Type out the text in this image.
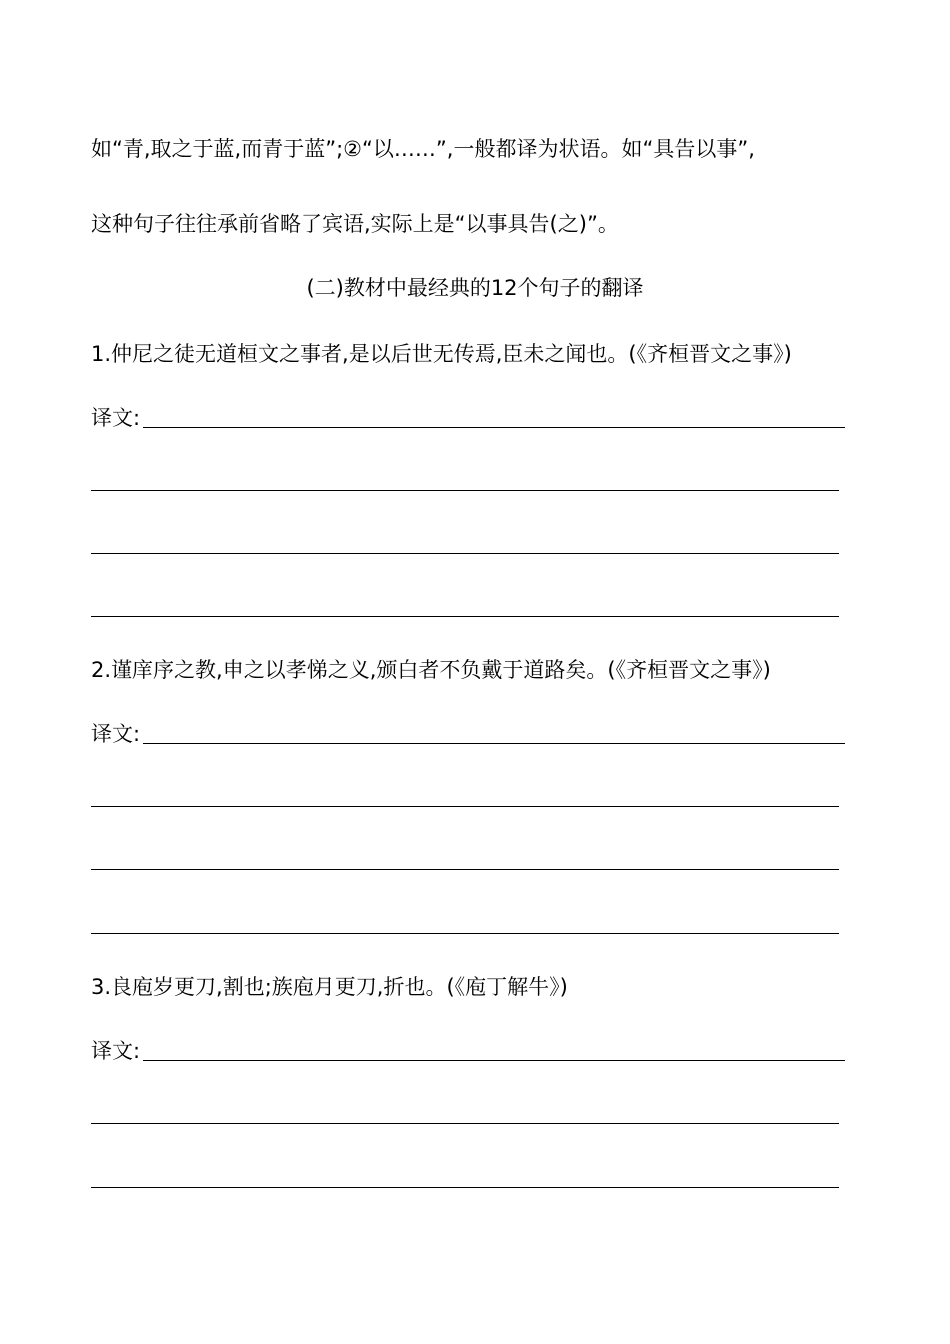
如“青,取之于蓝,而青于蓝”;②“以……”,一般都译为状语。如“具告以事”,
这种句子往往承前省略了宾语,实际上是“以事具告(之)”。
(二)教材中最经典的12个句子的翻译
1.仲尼之徒无道桓文之事者,是以后世无传焉,臣未之闻也。(《齐桓晋文之事》)
译文:
2.谨庠序之教,申之以孝悌之义,颁白者不负戴于道路矣。(《齐桓晋文之事》)
译文:
3.良庖岁更刀,割也;族庖月更刀,折也。(《庖丁解牛》)
译文:
